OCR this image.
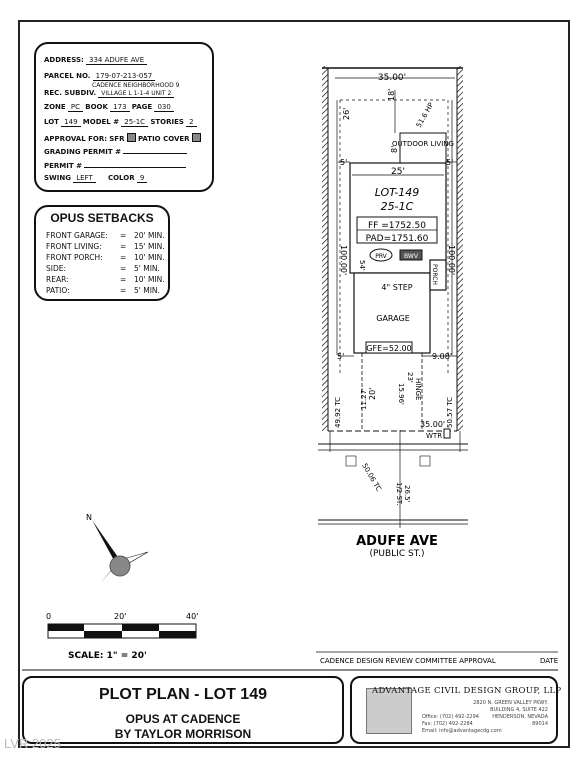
ADDRESS: 334 ADUFE AVE
PARCEL NO. 179-07-213-057
CADENCE NEIGHBORHOOD 9
REC. SUBDIV. VILLAGE L 1-1-4 UNIT 2
ZONE PC BOOK 173 PAGE 030
LOT 149 MODEL # 25-1C STORIES 2
APPROVAL FOR: SFR PATIO COVER
GRADING PERMIT #
PERMIT #
SWING LEFT COLOR 9
OPUS SETBACKS
FRONT GARAGE: = 20' MIN.
FRONT LIVING: = 15' MIN.
FRONT PORCH: = 10' MIN.
SIDE:	= 5' MIN.
REAR:	= 10' MIN.
PATIO:	= 5' MIN.
35.00'
18'
26'	51.6 HP
8'
OUTDOOR LIVING
5'	5'
25'
LOT-149
25-1C
FF =1752.50
PAD=1751.60
100.00'	100.00'
54'
PRV	BWV
PORCH
4" STEP
GARAGE
GFE=52.00
5'	9.08'
23'
HINGE
15.96'
20'
11.27'
49.92 TC	50.57 TC
35.00'
WTR
50.06 TC
26.5'
1/2 ST.
ADUFE AVE
(PUBLIC ST.)
N
0	20'	40'
SCALE: 1" = 20'	CADENCE DESIGN REVIEW COMMITTEE APPROVAL	DATE
PLOT PLAN - LOT 149
OPUS AT CADENCE
BY TAYLOR MORRISON
ADVANTAGE CIVIL DESIGN GROUP, LLP
2820 N. GREEN VALLEY PKWY.
BUILDING 4, SUITE 422
HENDERSON, NEVADA
89014
Office: (702) 492-2294
Fax: (702) 492-2284
Email: info@advantagecdg.com
LVR 2025
